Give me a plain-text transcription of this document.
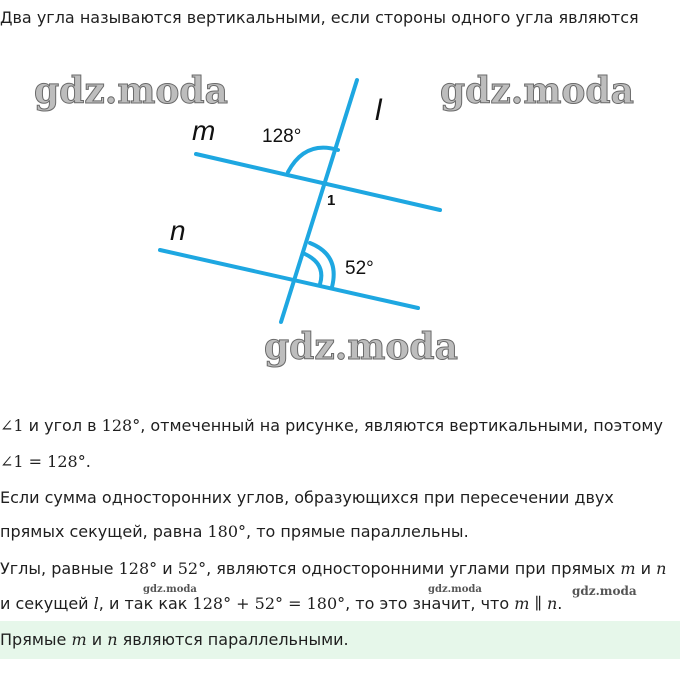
Два угла называются вертикальными, если стороны одного угла являются
gdz.moda	gdz.moda
gdz.moda
m
l
n
128°
52°
1
∠1 и угол в 128°, отмеченный на рисунке, являются вертикальными, поэтому
∠1 = 128°.
Если сумма односторонних углов, образующихся при пересечении двух
прямых секущей, равна 180°, то прямые параллельны.
Углы, равные 128° и 52°, являются односторонними углами при прямых m и n
и секущей l, и так как 128° + 52° = 180°, то это значит, что m ∥ n.
gdz.moda	gdz.moda	gdz.moda
Прямые m и n являются параллельными.
